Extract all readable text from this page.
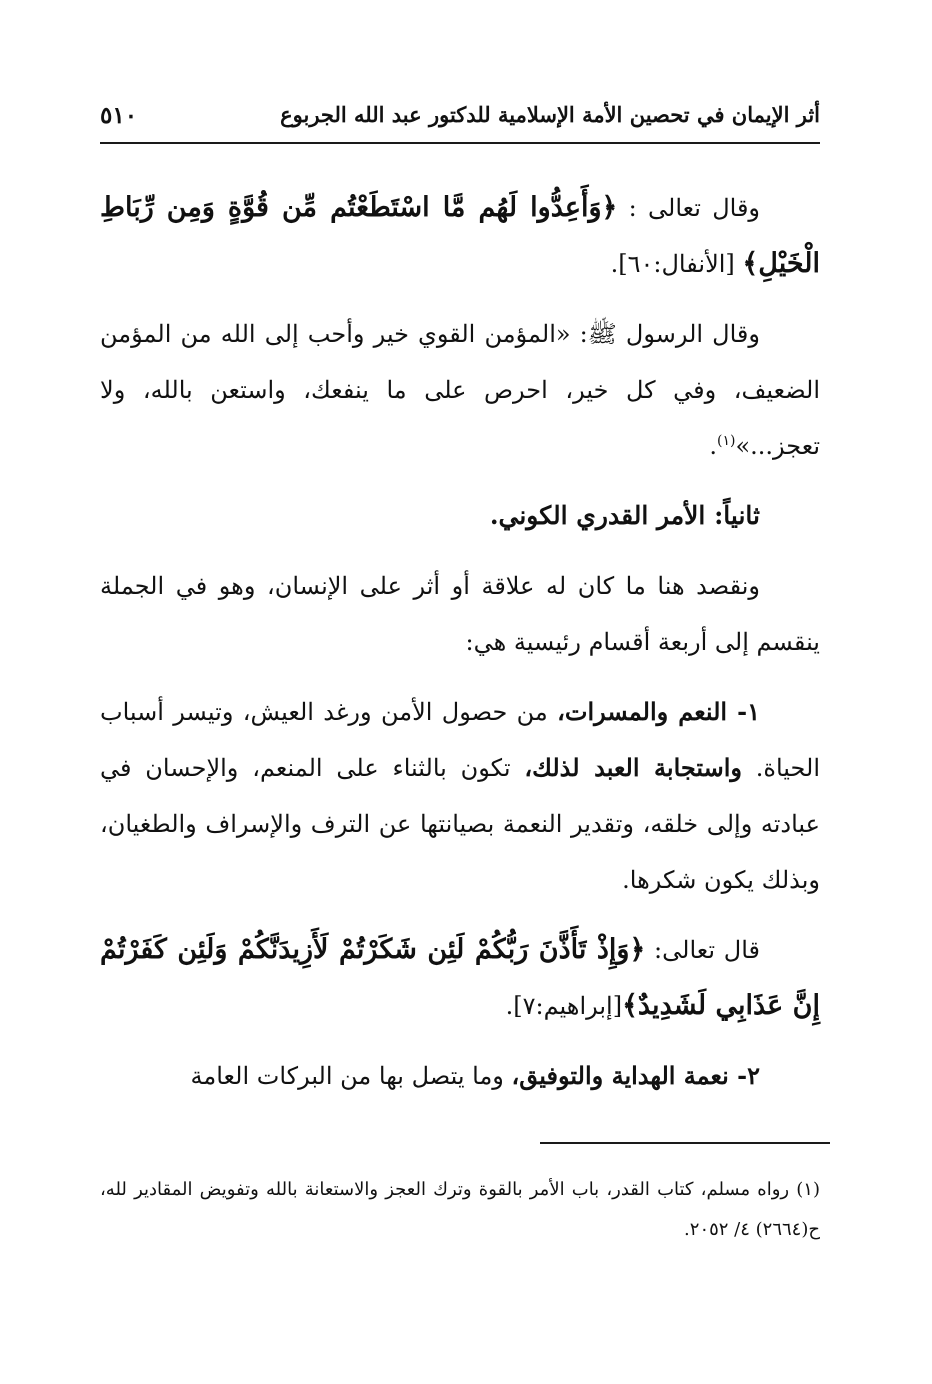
أثر الإيمان في تحصين الأمة الإسلامية للدكتور عبد الله الجربوع
٥١٠

وقال تعالى : ﴿وَأَعِدُّوا لَهُم مَّا اسْتَطَعْتُم مِّن قُوَّةٍ وَمِن رِّبَاطِ الْخَيْلِ﴾ [الأنفال:٦٠].

وقال الرسول ﷺ: «المؤمن القوي خير وأحب إلى الله من المؤمن الضعيف، وفي كل خير، احرص على ما ينفعك، واستعن بالله، ولا تعجز...»$^{(١)}$.

ثانياً: الأمر القدري الكوني.

ونقصد هنا ما كان له علاقة أو أثر على الإنسان، وهو في الجملة ينقسم إلى أربعة أقسام رئيسية هي:

١- النعم والمسرات، من حصول الأمن ورغد العيش، وتيسر أسباب الحياة. واستجابة العبد لذلك، تكون بالثناء على المنعم، والإحسان في عبادته وإلى خلقه، وتقدير النعمة بصيانتها عن الترف والإسراف والطغيان، وبذلك يكون شكرها.

قال تعالى: ﴿وَإِذْ تَأَذَّنَ رَبُّكُمْ لَئِن شَكَرْتُمْ لَأَزِيدَنَّكُمْ وَلَئِن كَفَرْتُمْ إِنَّ عَذَابِي لَشَدِيدٌ﴾[إبراهيم:٧].

٢- نعمة الهداية والتوفيق، وما يتصل بها من البركات العامة

(١) رواه مسلم، كتاب القدر، باب الأمر بالقوة وترك العجز والاستعانة بالله وتفويض المقادير لله، ح(٢٦٦٤) ٤/ ٢٠٥٢.
